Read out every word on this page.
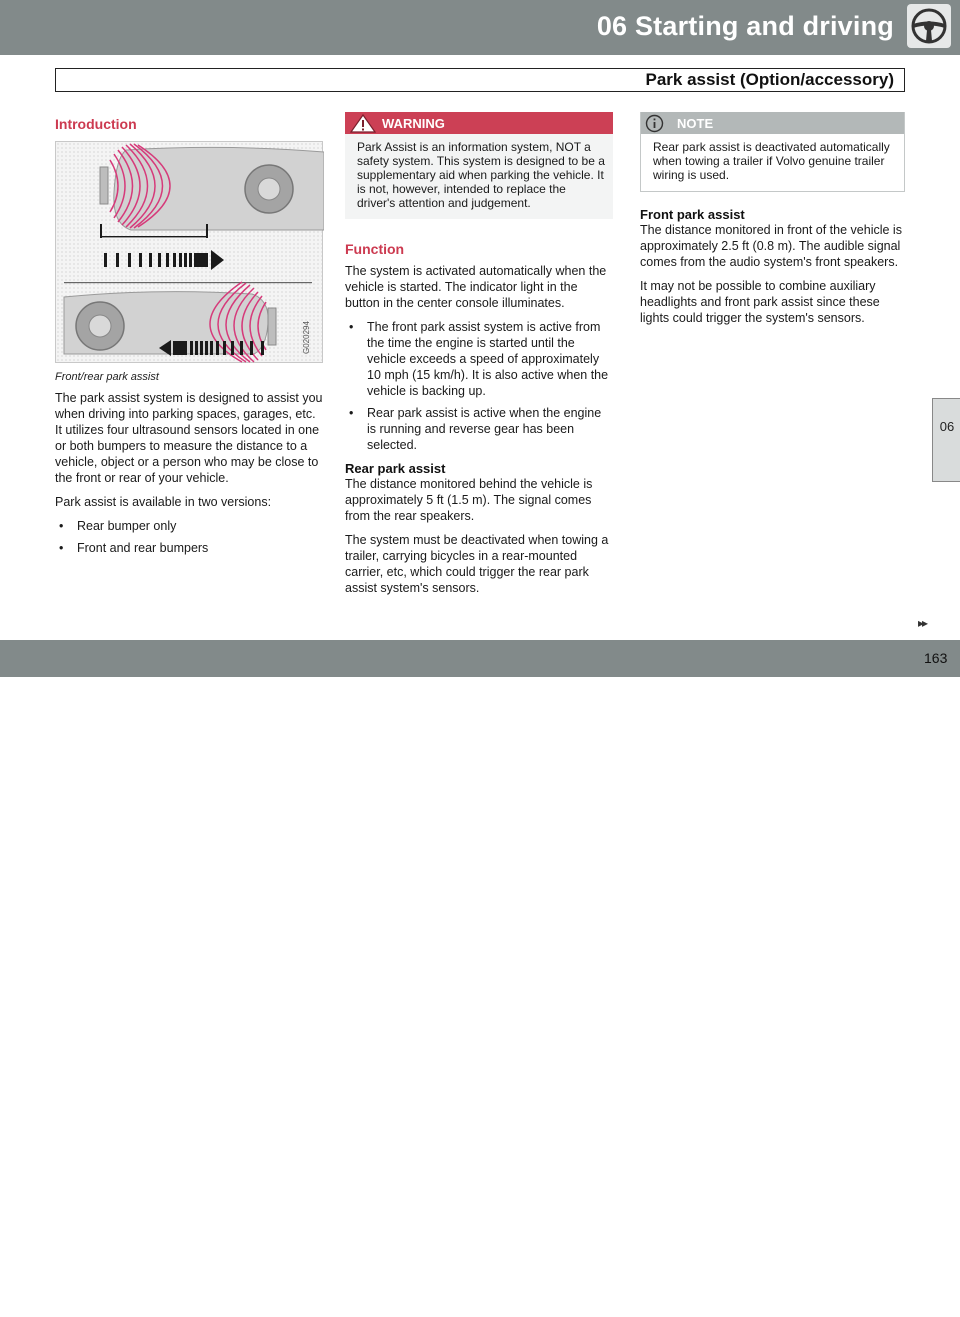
06 Starting and driving
Park assist (Option/accessory)
06
▸▸
carmanualsonline.info
163
Introduction
G020294
Front/rear park assist

The park assist system is designed to assist you when driving into parking spaces, garages, etc. It utilizes four ultrasound sensors located in one or both bumpers to measure the distance to a vehicle, object or a person who may be close to the front or rear of your vehicle.

Park assist is available in two versions:

• Rear bumper only
• Front and rear bumpers
WARNING
Park Assist is an information system, NOT a safety system. This system is designed to be a supplementary aid when parking the vehicle. It is not, however, intended to replace the driver's attention and judgement.
Function

The system is activated automatically when the vehicle is started. The indicator light in the button in the center console illuminates.

• The front park assist system is active from the time the engine is started until the vehicle exceeds a speed of approximately 10 mph (15 km/h). It is also active when the vehicle is backing up.
• Rear park assist is active when the engine is running and reverse gear has been selected.
Rear park assist

The distance monitored behind the vehicle is approximately 5 ft (1.5 m). The signal comes from the rear speakers.

The system must be deactivated when towing a trailer, carrying bicycles in a rear-mounted carrier, etc, which could trigger the rear park assist system's sensors.

NOTE
Rear park assist is deactivated automatically when towing a trailer if Volvo genuine trailer wiring is used.
Front park assist

The distance monitored in front of the vehicle is approximately 2.5 ft (0.8 m). The audible signal comes from the audio system's front speakers.

It may not be possible to combine auxiliary headlights and front park assist since these lights could trigger the system's sensors.
